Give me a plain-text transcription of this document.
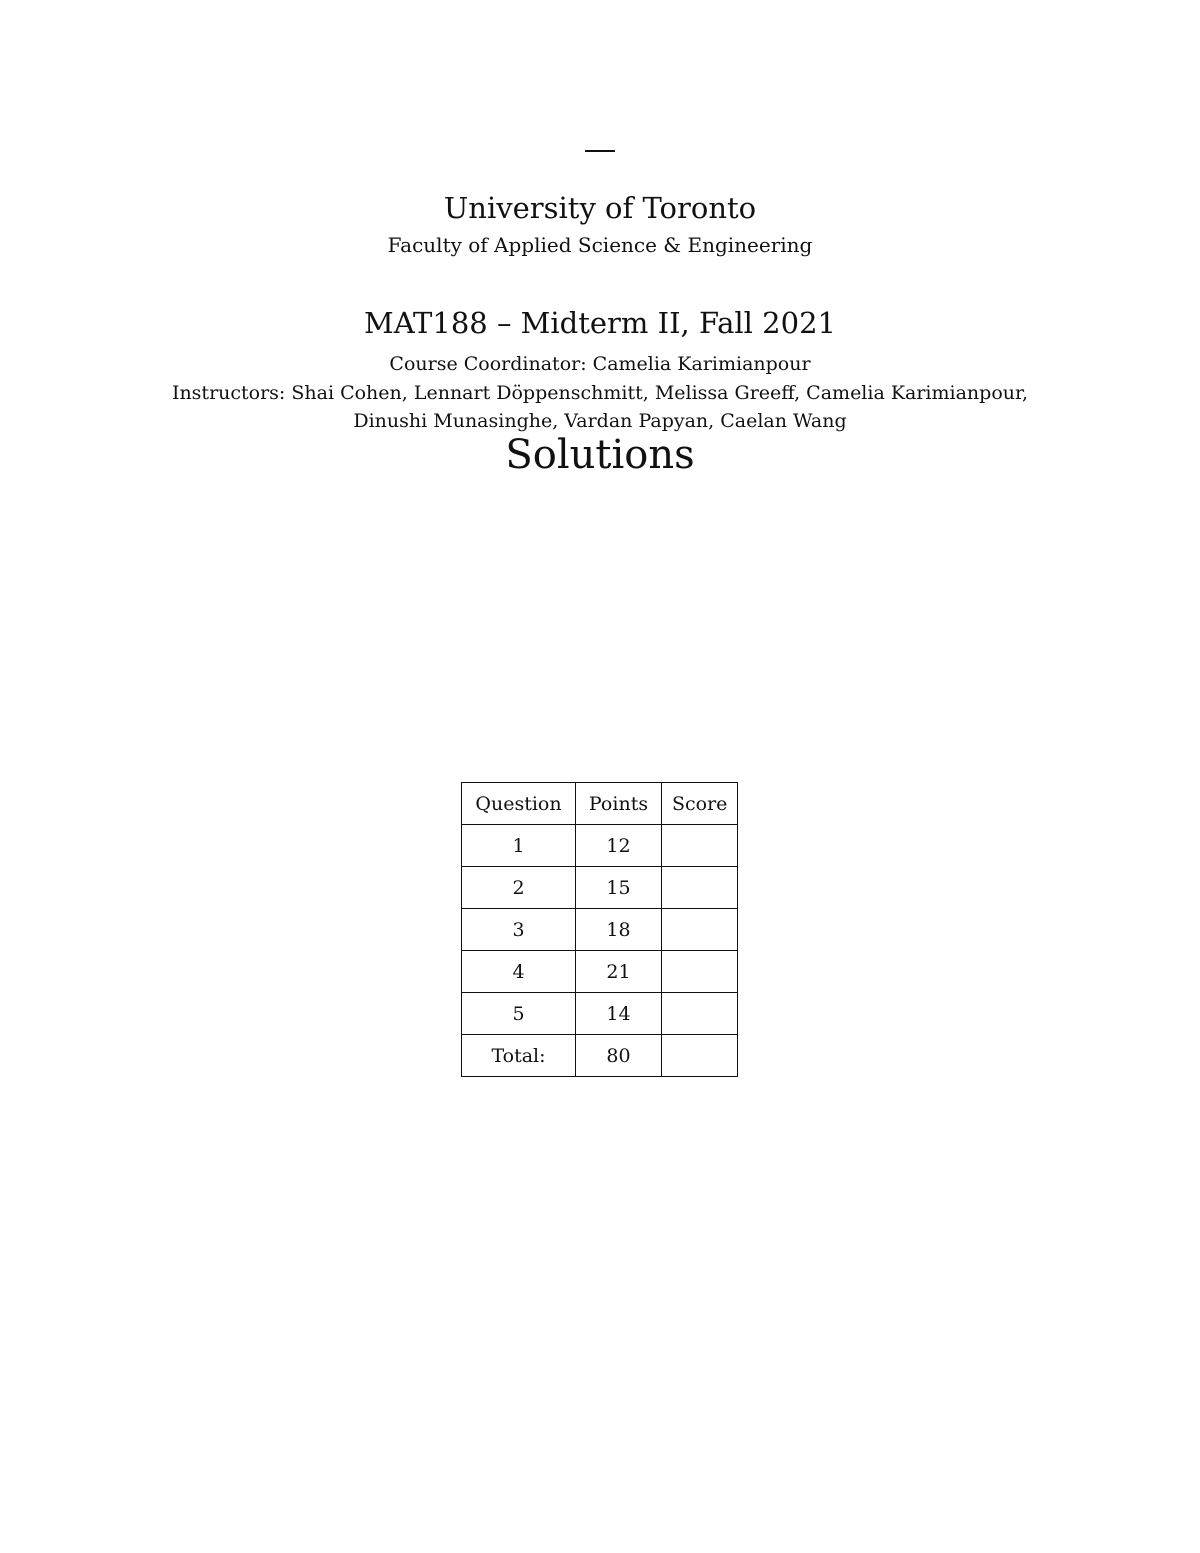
University of Toronto
Faculty of Applied Science & Engineering
MAT188 – Midterm II, Fall 2021
Course Coordinator: Camelia Karimianpour
Instructors: Shai Cohen, Lennart Döppenschmitt, Melissa Greeff, Camelia Karimianpour,
Dinushi Munasinghe, Vardan Papyan, Caelan Wang
Solutions
Question	Points	Score
1	12	
2	15	
3	18	
4	21	
5	14	
Total:	80	
